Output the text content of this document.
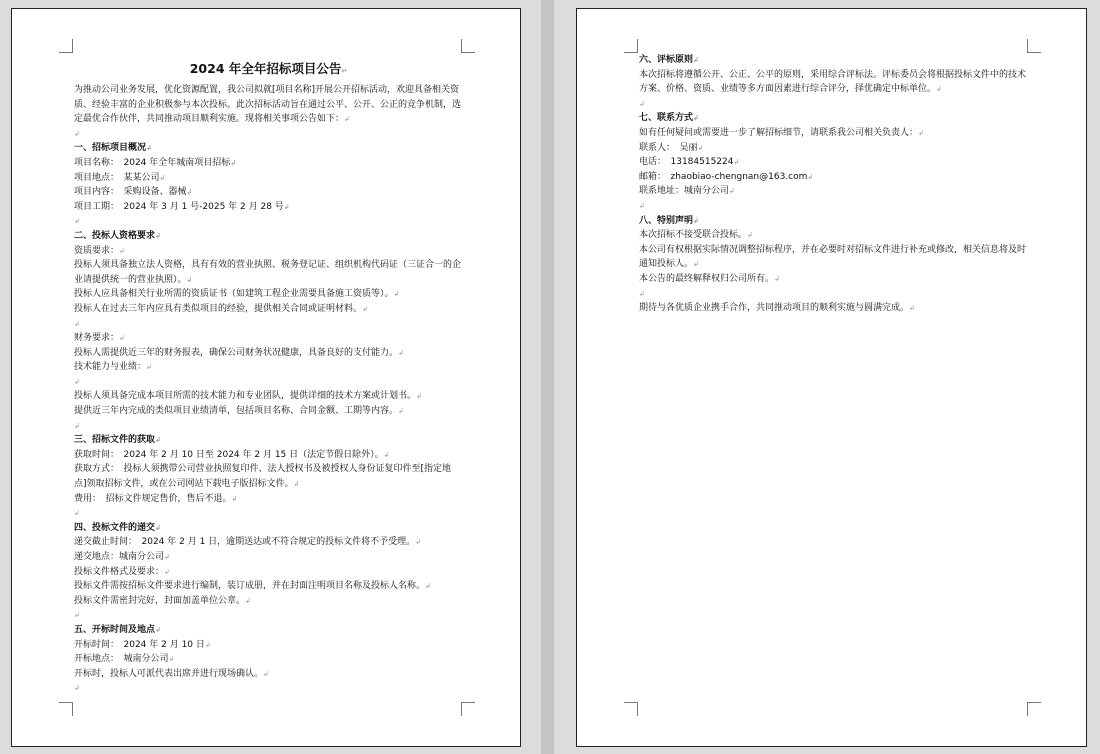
2024 年全年招标项目公告↵
为推动公司业务发展，优化资源配置，我公司拟就[项目名称]开展公开招标活动，欢迎具备相关资质、经验丰富的企业积极参与本次投标。此次招标活动旨在通过公平、公开、公正的竞争机制，选定最优合作伙伴，共同推动项目顺利实施。现将相关事项公告如下：↲
↲
一、招标项目概况↲
项目名称：　2024 年全年城南项目招标↲
项目地点：　某某公司↲
项目内容：　采购设备、器械↲
项目工期：　2024 年 3 月 1 号-2025 年 2 月 28 号↲
↲
二、投标人资格要求↲
资质要求：↲
投标人须具备独立法人资格，具有有效的营业执照、税务登记证、组织机构代码证（三证合一的企业请提供统一的营业执照）。↲
投标人应具备相关行业所需的资质证书（如建筑工程企业需要具备施工资质等）。↲
投标人在过去三年内应具有类似项目的经验，提供相关合同或证明材料。↲
↲
财务要求：↲
投标人需提供近三年的财务报表，确保公司财务状况健康，具备良好的支付能力。↲
技术能力与业绩：↲
↲
投标人须具备完成本项目所需的技术能力和专业团队，提供详细的技术方案或计划书。↲
提供近三年内完成的类似项目业绩清单，包括项目名称、合同金额、工期等内容。↲
↲
三、招标文件的获取↲
获取时间：　2024 年 2 月 10 日至 2024 年 2 月 15 日（法定节假日除外）。↲
获取方式：　投标人须携带公司营业执照复印件、法人授权书及被授权人身份证复印件至[指定地点]领取招标文件，或在公司网站下载电子版招标文件。↲
费用：　招标文件规定售价，售后不退。↲
↲
四、投标文件的递交↲
递交截止时间：　2024 年 2 月 1 日，逾期送达或不符合规定的投标文件将不予受理。↲
递交地点：城南分公司↲
投标文件格式及要求：↲
投标文件需按招标文件要求进行编制，装订成册，并在封面注明项目名称及投标人名称。↲
投标文件需密封完好，封面加盖单位公章。↲
↲
五、开标时间及地点↲
开标时间：　2024 年 2 月 10 日↲
开标地点：　城南分公司↲
开标时，投标人可派代表出席并进行现场确认。↲
↲
六、评标原则↲
本次招标将遵循公开、公正、公平的原则，采用综合评标法。评标委员会将根据投标文件中的技术方案、价格、资质、业绩等多方面因素进行综合评分，择优确定中标单位。↲
↲
七、联系方式↲
如有任何疑问或需要进一步了解招标细节，请联系我公司相关负责人：↲
联系人：　吴丽↲
电话：　13184515224↲
邮箱：　zhaobiao-chengnan@163.com↲
联系地址：城南分公司↲
↲
八、特别声明↲
本次招标不接受联合投标。↲
本公司有权根据实际情况调整招标程序，并在必要时对招标文件进行补充或修改，相关信息将及时通知投标人。↲
本公告的最终解释权归公司所有。↲
↲
期待与各优质企业携手合作，共同推动项目的顺利实施与圆满完成。↲
